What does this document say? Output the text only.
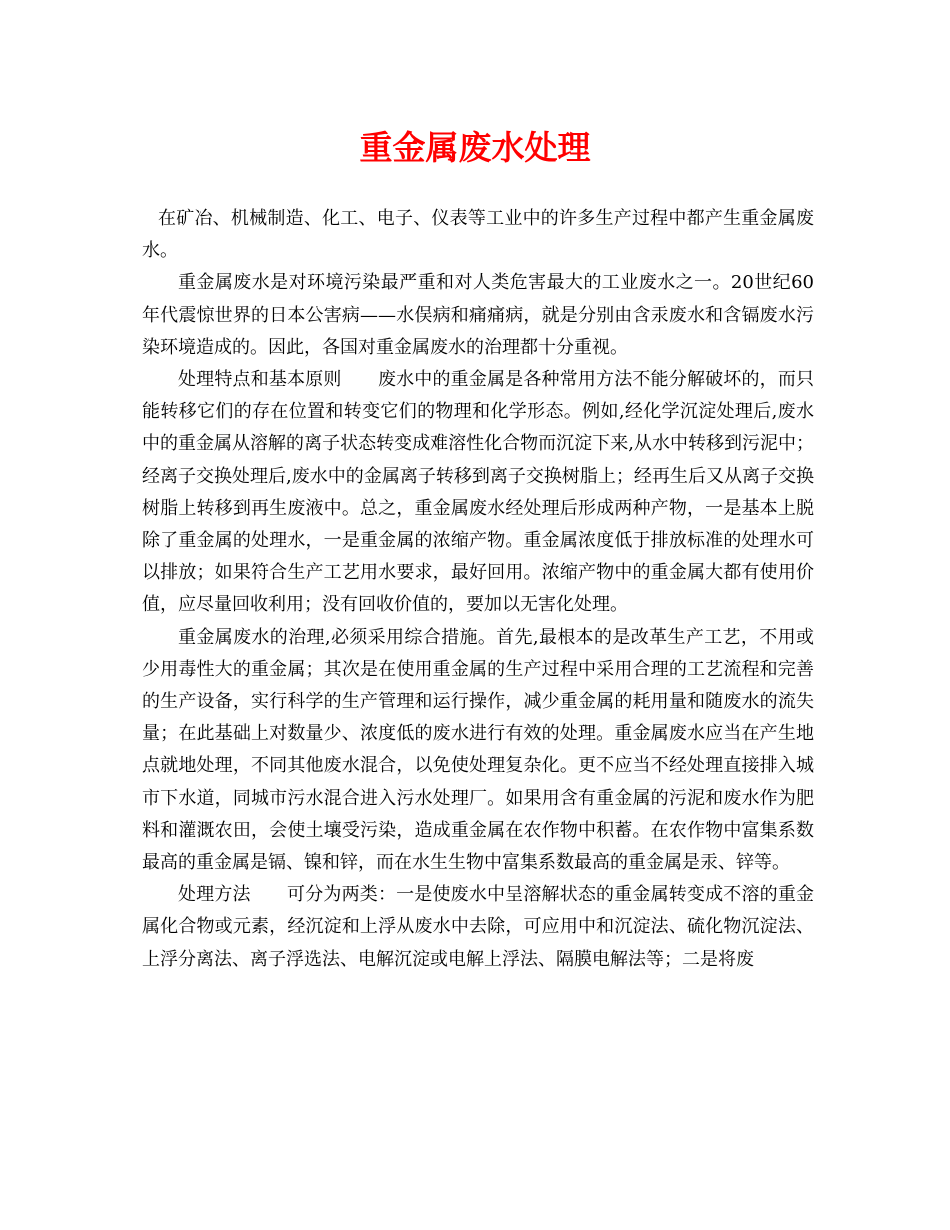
重金属废水处理

在矿冶、机械制造、化工、电子、仪表等工业中的许多生产过程中都产生重金属废水。

重金属废水是对环境污染最严重和对人类危害最大的工业废水之一。20世纪60年代震惊世界的日本公害病——水俣病和痛痛病，就是分别由含汞废水和含镉废水污染环境造成的。因此，各国对重金属废水的治理都十分重视。

处理特点和基本原则　　废水中的重金属是各种常用方法不能分解破坏的，而只能转移它们的存在位置和转变它们的物理和化学形态。例如,经化学沉淀处理后,废水中的重金属从溶解的离子状态转变成难溶性化合物而沉淀下来,从水中转移到污泥中；经离子交换处理后,废水中的金属离子转移到离子交换树脂上；经再生后又从离子交换树脂上转移到再生废液中。总之，重金属废水经处理后形成两种产物，一是基本上脱除了重金属的处理水，一是重金属的浓缩产物。重金属浓度低于排放标准的处理水可以排放；如果符合生产工艺用水要求，最好回用。浓缩产物中的重金属大都有使用价值，应尽量回收利用；没有回收价值的，要加以无害化处理。

重金属废水的治理,必须采用综合措施。首先,最根本的是改革生产工艺，不用或少用毒性大的重金属；其次是在使用重金属的生产过程中采用合理的工艺流程和完善的生产设备，实行科学的生产管理和运行操作，减少重金属的耗用量和随废水的流失量；在此基础上对数量少、浓度低的废水进行有效的处理。重金属废水应当在产生地点就地处理，不同其他废水混合，以免使处理复杂化。更不应当不经处理直接排入城市下水道，同城市污水混合进入污水处理厂。如果用含有重金属的污泥和废水作为肥料和灌溉农田，会使土壤受污染，造成重金属在农作物中积蓄。在农作物中富集系数最高的重金属是镉、镍和锌，而在水生生物中富集系数最高的重金属是汞、锌等。

处理方法　　可分为两类：一是使废水中呈溶解状态的重金属转变成不溶的重金属化合物或元素，经沉淀和上浮从废水中去除，可应用中和沉淀法、硫化物沉淀法、上浮分离法、离子浮选法、电解沉淀或电解上浮法、隔膜电解法等；二是将废
